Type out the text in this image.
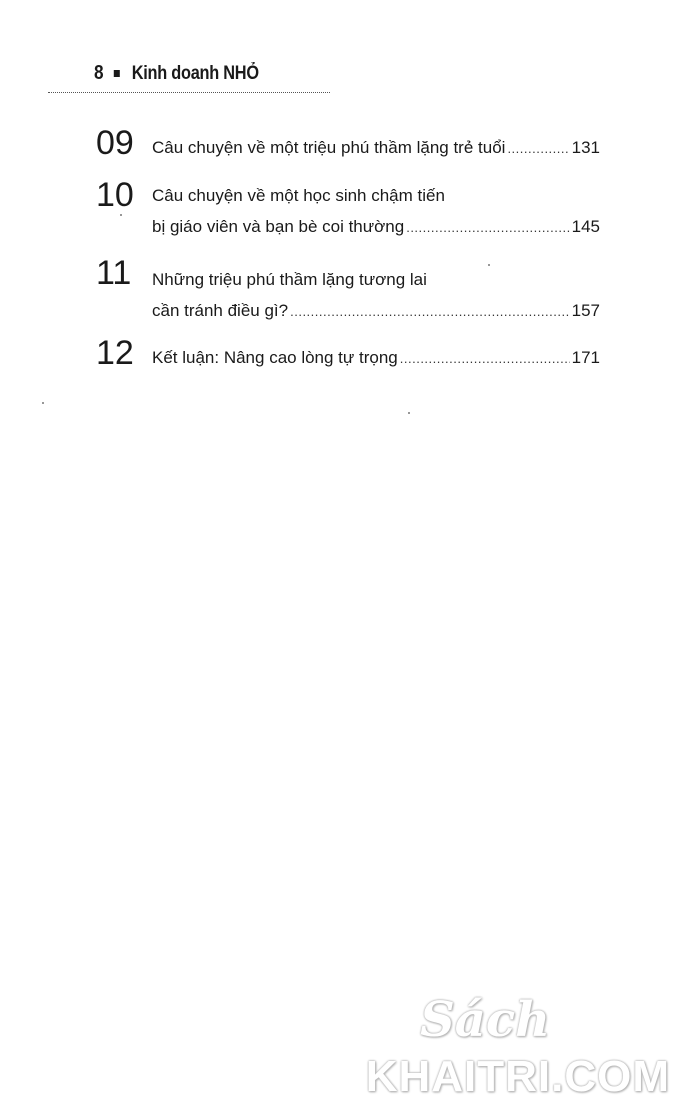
8 Kinh doanh NHỎ
09 Câu chuyện về một triệu phú thầm lặng trẻ tuổi .....	131
10 Câu chuyện về một học sinh chậm tiến
bị giáo viên và bạn bè coi thường .....	145
11 Những triệu phú thầm lặng tương lai
cần tránh điều gì? .....	157
12 Kết luận: Nâng cao lòng tự trọng .....	171
Sách
KHAITRI.COM
